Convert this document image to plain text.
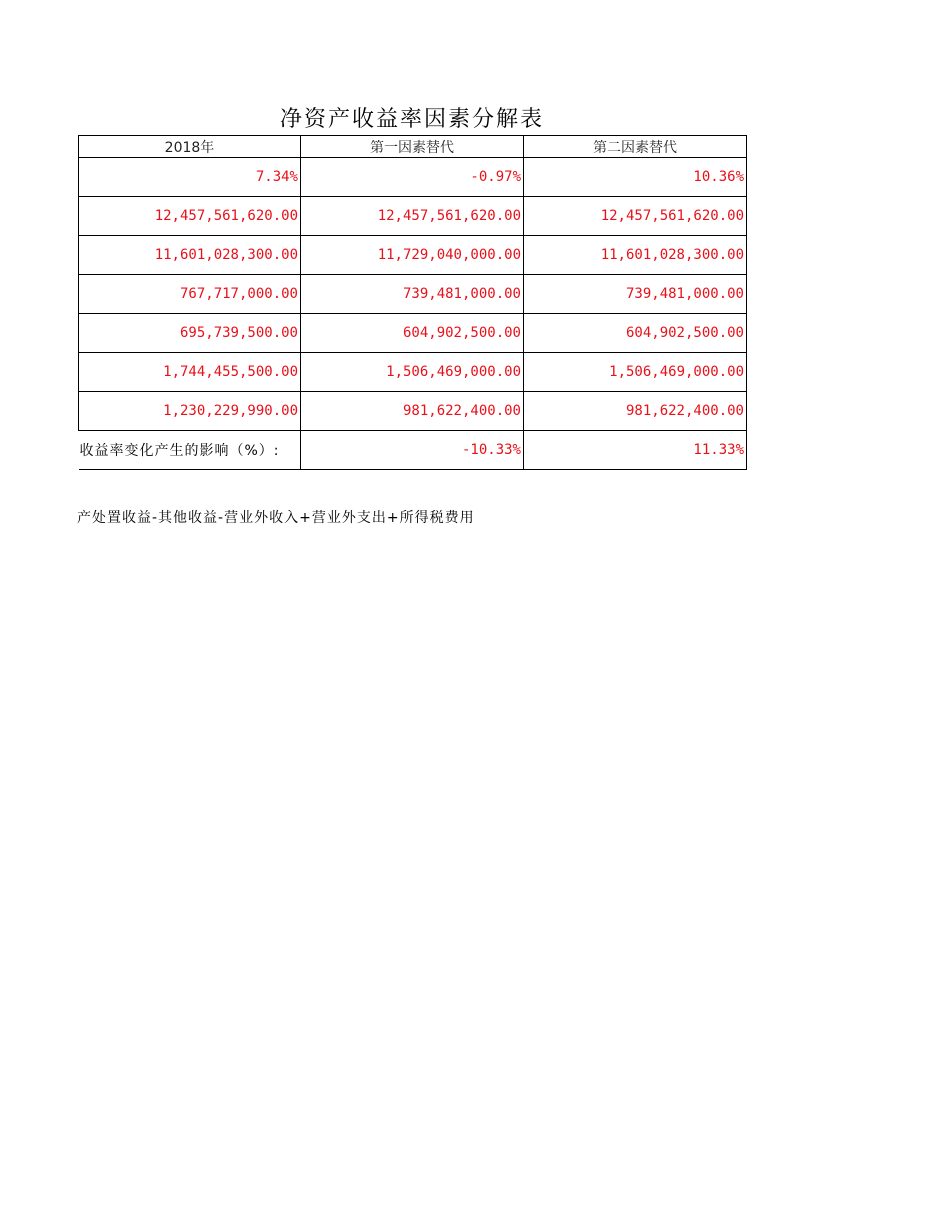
净资产收益率因素分解表
2018年	第一因素替代	第二因素替代
7.34%	-0.97%	10.36%
12,457,561,620.00	12,457,561,620.00	12,457,561,620.00
11,601,028,300.00	11,729,040,000.00	11,601,028,300.00
767,717,000.00	739,481,000.00	739,481,000.00
695,739,500.00	604,902,500.00	604,902,500.00
1,744,455,500.00	1,506,469,000.00	1,506,469,000.00
1,230,229,990.00	981,622,400.00	981,622,400.00
收益率变化产生的影响（%）:	-10.33%	11.33%
产处置收益-其他收益-营业外收入+营业外支出+所得税费用
